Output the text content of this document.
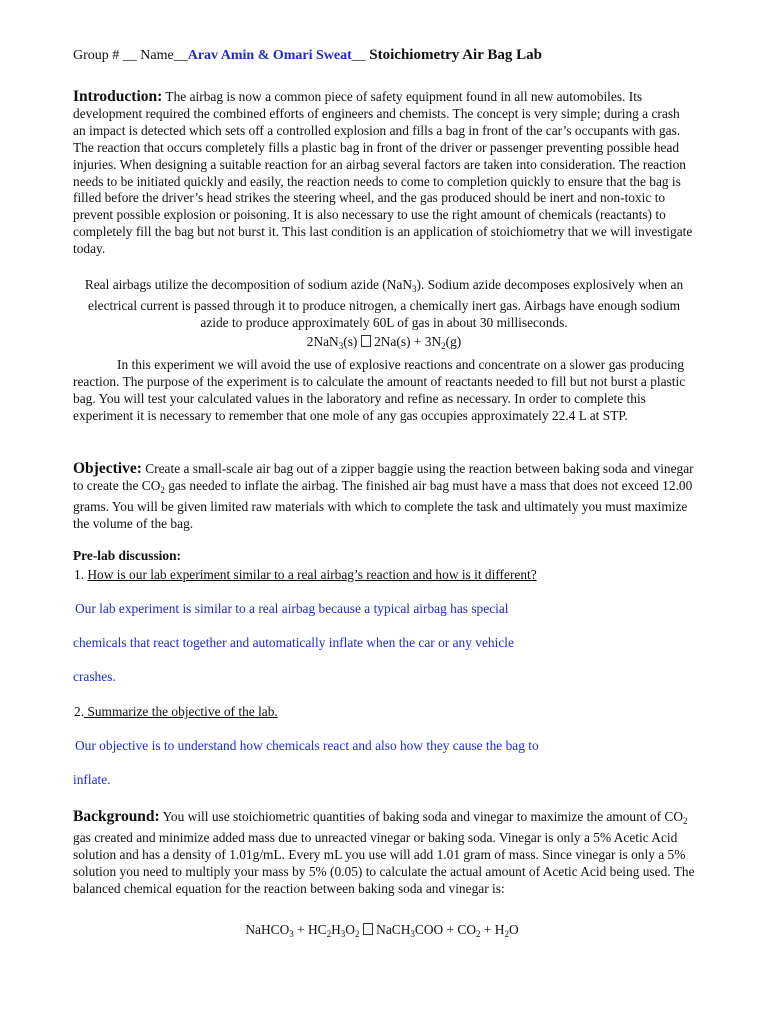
Group # __ Name__Arav Amin & Omari Sweat__ Stoichiometry Air Bag Lab
Introduction: The airbag is now a common piece of safety equipment found in all new automobiles. Its development required the combined efforts of engineers and chemists. The concept is very simple; during a crash an impact is detected which sets off a controlled explosion and fills a bag in front of the car’s occupants with gas. The reaction that occurs completely fills a plastic bag in front of the driver or passenger preventing possible head injuries. When designing a suitable reaction for an airbag several factors are taken into consideration. The reaction needs to be initiated quickly and easily, the reaction needs to come to completion quickly to ensure that the bag is filled before the driver’s head strikes the steering wheel, and the gas produced should be inert and non-toxic to prevent possible explosion or poisoning. It is also necessary to use the right amount of chemicals (reactants) to completely fill the bag but not burst it. This last condition is an application of stoichiometry that we will investigate today.
Real airbags utilize the decomposition of sodium azide (NaN$_3$). Sodium azide decomposes explosively when an electrical current is passed through it to produce nitrogen, a chemically inert gas. Airbags have enough sodium azide to produce approximately 60L of gas in about 30 milliseconds.
2NaN$_3$(s)  $2Na(s) + 3N_2(g)$
In this experiment we will avoid the use of explosive reactions and concentrate on a slower gas producing reaction. The purpose of the experiment is to calculate the amount of reactants needed to fill but not burst a plastic bag. You will test your calculated values in the laboratory and refine as necessary. In order to complete this experiment it is necessary to remember that one mole of any gas occupies approximately 22.4 L at STP.
Objective: Create a small-scale air bag out of a zipper baggie using the reaction between baking soda and vinegar to create the $CO_2$ gas needed to inflate the airbag. The finished air bag must have a mass that does not exceed 12.00 grams. You will be given limited raw materials with which to complete the task and ultimately you must maximize the volume of the bag.
Pre-lab discussion:
1. How is our lab experiment similar to a real airbag’s reaction and how is it different?
Our lab experiment is similar to a real airbag because a typical airbag has special
chemicals that react together and automatically inflate when the car or any vehicle
crashes.
2. Summarize the objective of the lab.
Our objective is to understand how chemicals react and also how they cause the bag to
inflate.
Background: You will use stoichiometric quantities of baking soda and vinegar to maximize the amount of $CO_2$ gas created and minimize added mass due to unreacted vinegar or baking soda. Vinegar is only a 5% Acetic Acid solution and has a density of 1.01g/mL. Every mL you use will add 1.01 gram of mass. Since vinegar is only a 5% solution you need to multiply your mass by 5% (0.05) to calculate the actual amount of Acetic Acid being used. The balanced chemical equation for the reaction between baking soda and vinegar is:
NaHCO$_3$ + $HC_2H_3O_2$  NaCH$_3$COO + $CO_2 + H_2O$
